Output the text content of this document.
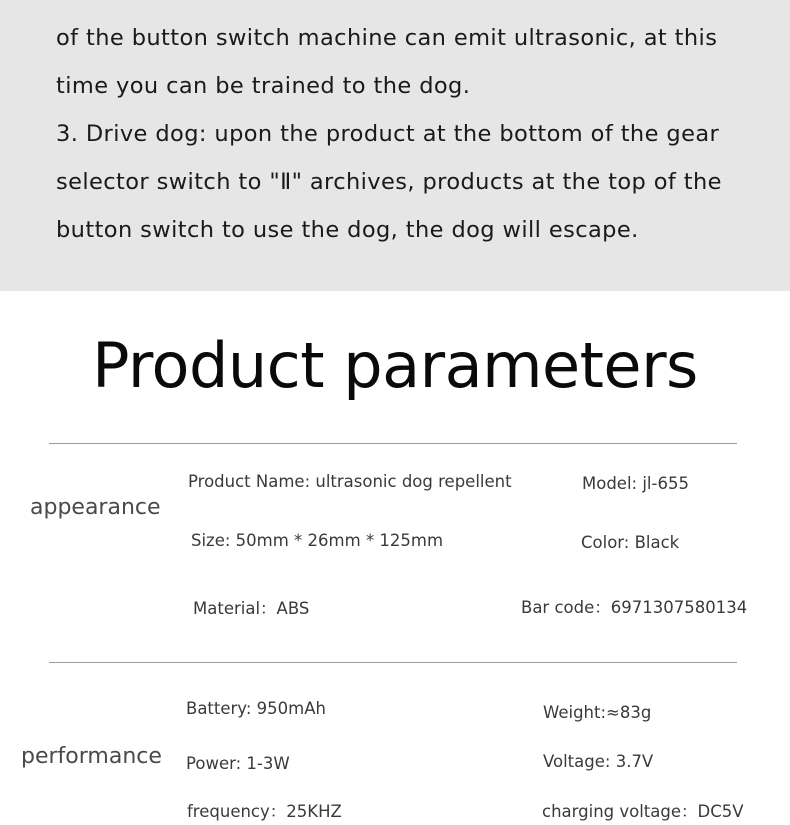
of the button switch machine can emit ultrasonic, at this
time you can be trained to the dog.
3. Drive dog: upon the product at the bottom of the gear
selector switch to "Ⅱ" archives, products at the top of the
button switch to use the dog, the dog will escape.
Product parameters
appearance
Product Name: ultrasonic dog repellent	Model: jl-655
Size: 50mm * 26mm * 125mm	Color: Black
Material：ABS	Bar code：6971307580134
performance
Battery: 950mAh	Weight:≈83g
Power: 1-3W	Voltage: 3.7V
frequency：25KHZ	charging voltage：DC5V
